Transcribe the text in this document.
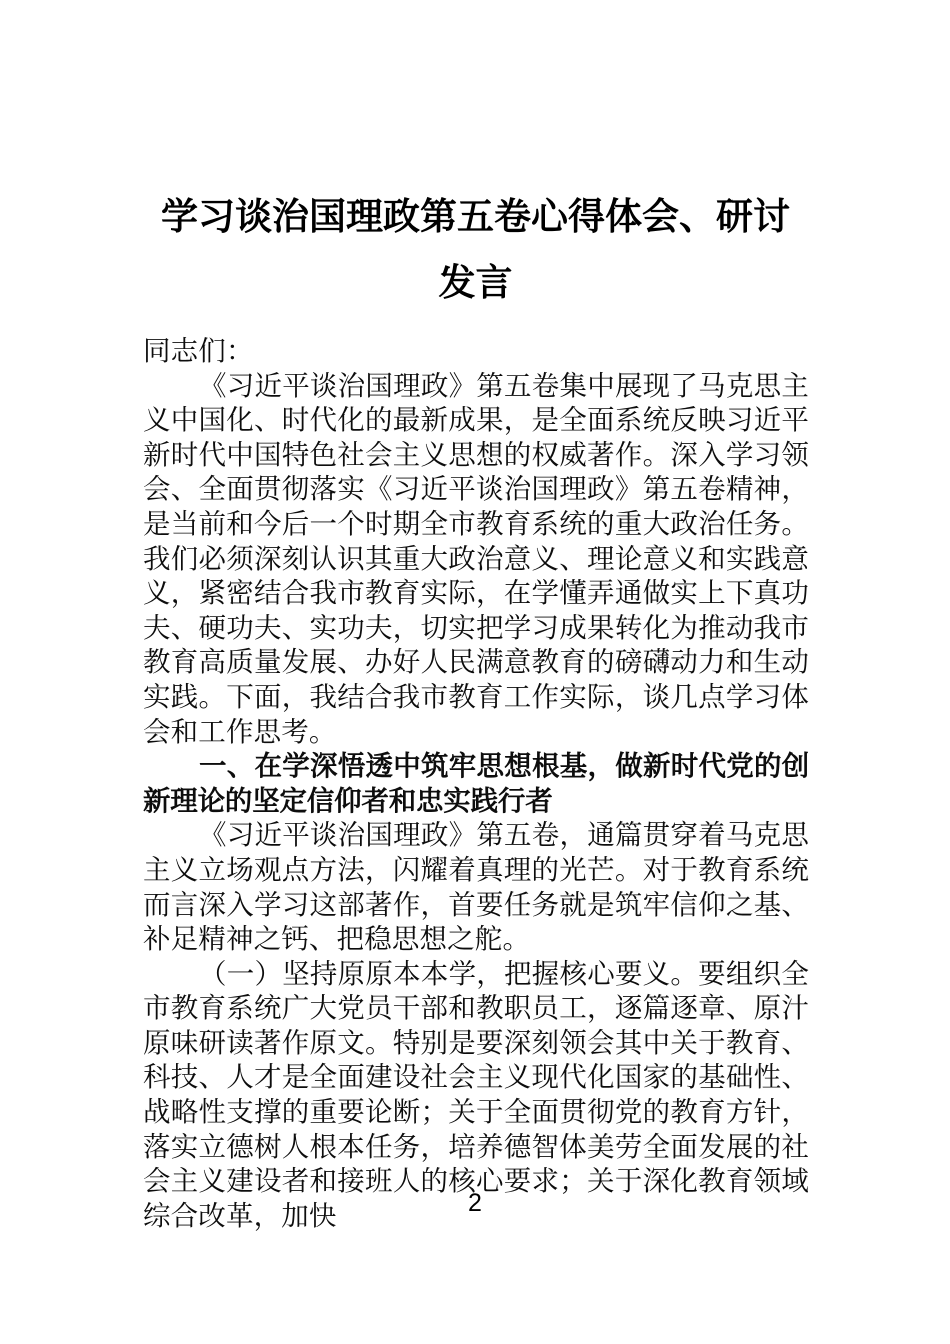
学习谈治国理政第五卷心得体会、研讨发言

同志们：

《习近平谈治国理政》第五卷集中展现了马克思主义中国化、时代化的最新成果，是全面系统反映习近平新时代中国特色社会主义思想的权威著作。深入学习领会、全面贯彻落实《习近平谈治国理政》第五卷精神，是当前和今后一个时期全市教育系统的重大政治任务。我们必须深刻认识其重大政治意义、理论意义和实践意义，紧密结合我市教育实际，在学懂弄通做实上下真功夫、硬功夫、实功夫，切实把学习成果转化为推动我市教育高质量发展、办好人民满意教育的磅礴动力和生动实践。下面，我结合我市教育工作实际，谈几点学习体会和工作思考。

一、在学深悟透中筑牢思想根基，做新时代党的创新理论的坚定信仰者和忠实践行者

《习近平谈治国理政》第五卷，通篇贯穿着马克思主义立场观点方法，闪耀着真理的光芒。对于教育系统而言深入学习这部著作，首要任务就是筑牢信仰之基、补足精神之钙、把稳思想之舵。

（一）坚持原原本本学，把握核心要义。要组织全市教育系统广大党员干部和教职员工，逐篇逐章、原汁原味研读著作原文。特别是要深刻领会其中关于教育、科技、人才是全面建设社会主义现代化国家的基础性、战略性支撑的重要论断；关于全面贯彻党的教育方针，落实立德树人根本任务，培养德智体美劳全面发展的社会主义建设者和接班人的核心要求；关于深化教育领域综合改革，加快	2
